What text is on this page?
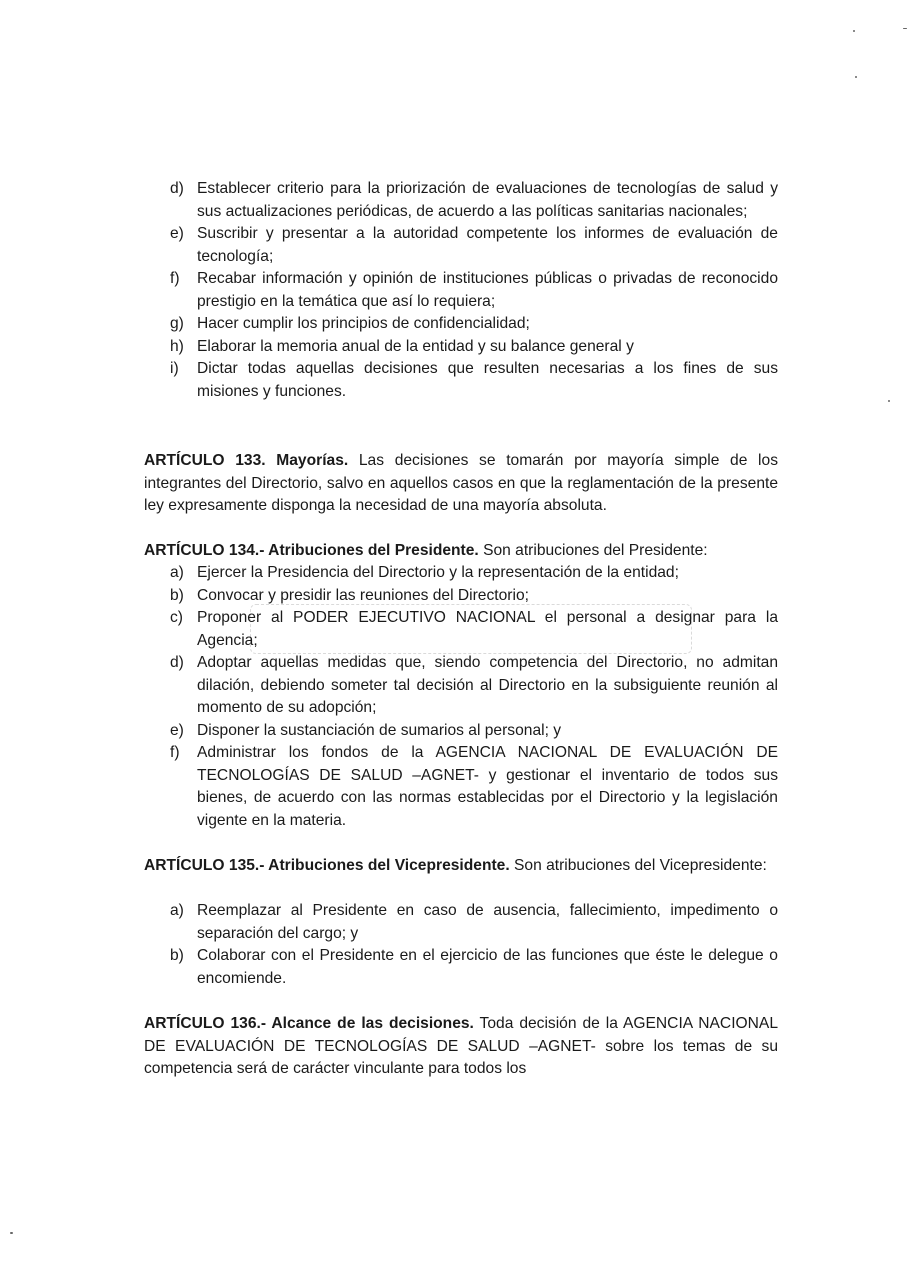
d) Establecer criterio para la priorización de evaluaciones de tecnologías de salud y sus actualizaciones periódicas, de acuerdo a las políticas sanitarias nacionales;
e) Suscribir y presentar a la autoridad competente los informes de evaluación de tecnología;
f)	Recabar información y opinión de instituciones públicas o privadas de reconocido prestigio en la temática que así lo requiera;
g) Hacer cumplir los principios de confidencialidad;
h) Elaborar la memoria anual de la entidad y su balance general y
i)	Dictar todas aquellas decisiones que resulten necesarias a los fines de sus misiones y funciones.

ARTÍCULO 133. Mayorías. Las decisiones se tomarán por mayoría simple de los integrantes del Directorio, salvo en aquellos casos en que la reglamentación de la presente ley expresamente disponga la necesidad de una mayoría absoluta.

ARTÍCULO 134.- Atribuciones del Presidente. Son atribuciones del Presidente:

a) Ejercer la Presidencia del Directorio y la representación de la entidad;
b) Convocar y presidir las reuniones del Directorio;
c) Proponer al PODER EJECUTIVO NACIONAL el personal a designar para la Agencia;
d) Adoptar aquellas medidas que, siendo competencia del Directorio, no admitan dilación, debiendo someter tal decisión al Directorio en la subsiguiente reunión al momento de su adopción;
e) Disponer la sustanciación de sumarios al personal; y
f)	Administrar los fondos de la AGENCIA NACIONAL DE EVALUACIÓN DE TECNOLOGÍAS DE SALUD –AGNET- y gestionar el inventario de todos sus bienes, de acuerdo con las normas establecidas por el Directorio y la legislación vigente en la materia.

ARTÍCULO 135.- Atribuciones del Vicepresidente. Son atribuciones del Vicepresidente:

a) Reemplazar al Presidente en caso de ausencia, fallecimiento, impedimento o separación del cargo; y
b) Colaborar con el Presidente en el ejercicio de las funciones que éste le delegue o encomiende.

ARTÍCULO 136.- Alcance de las decisiones. Toda decisión de la AGENCIA NACIONAL DE EVALUACIÓN DE TECNOLOGÍAS DE SALUD –AGNET- sobre los temas de su competencia será de carácter vinculante para todos los
